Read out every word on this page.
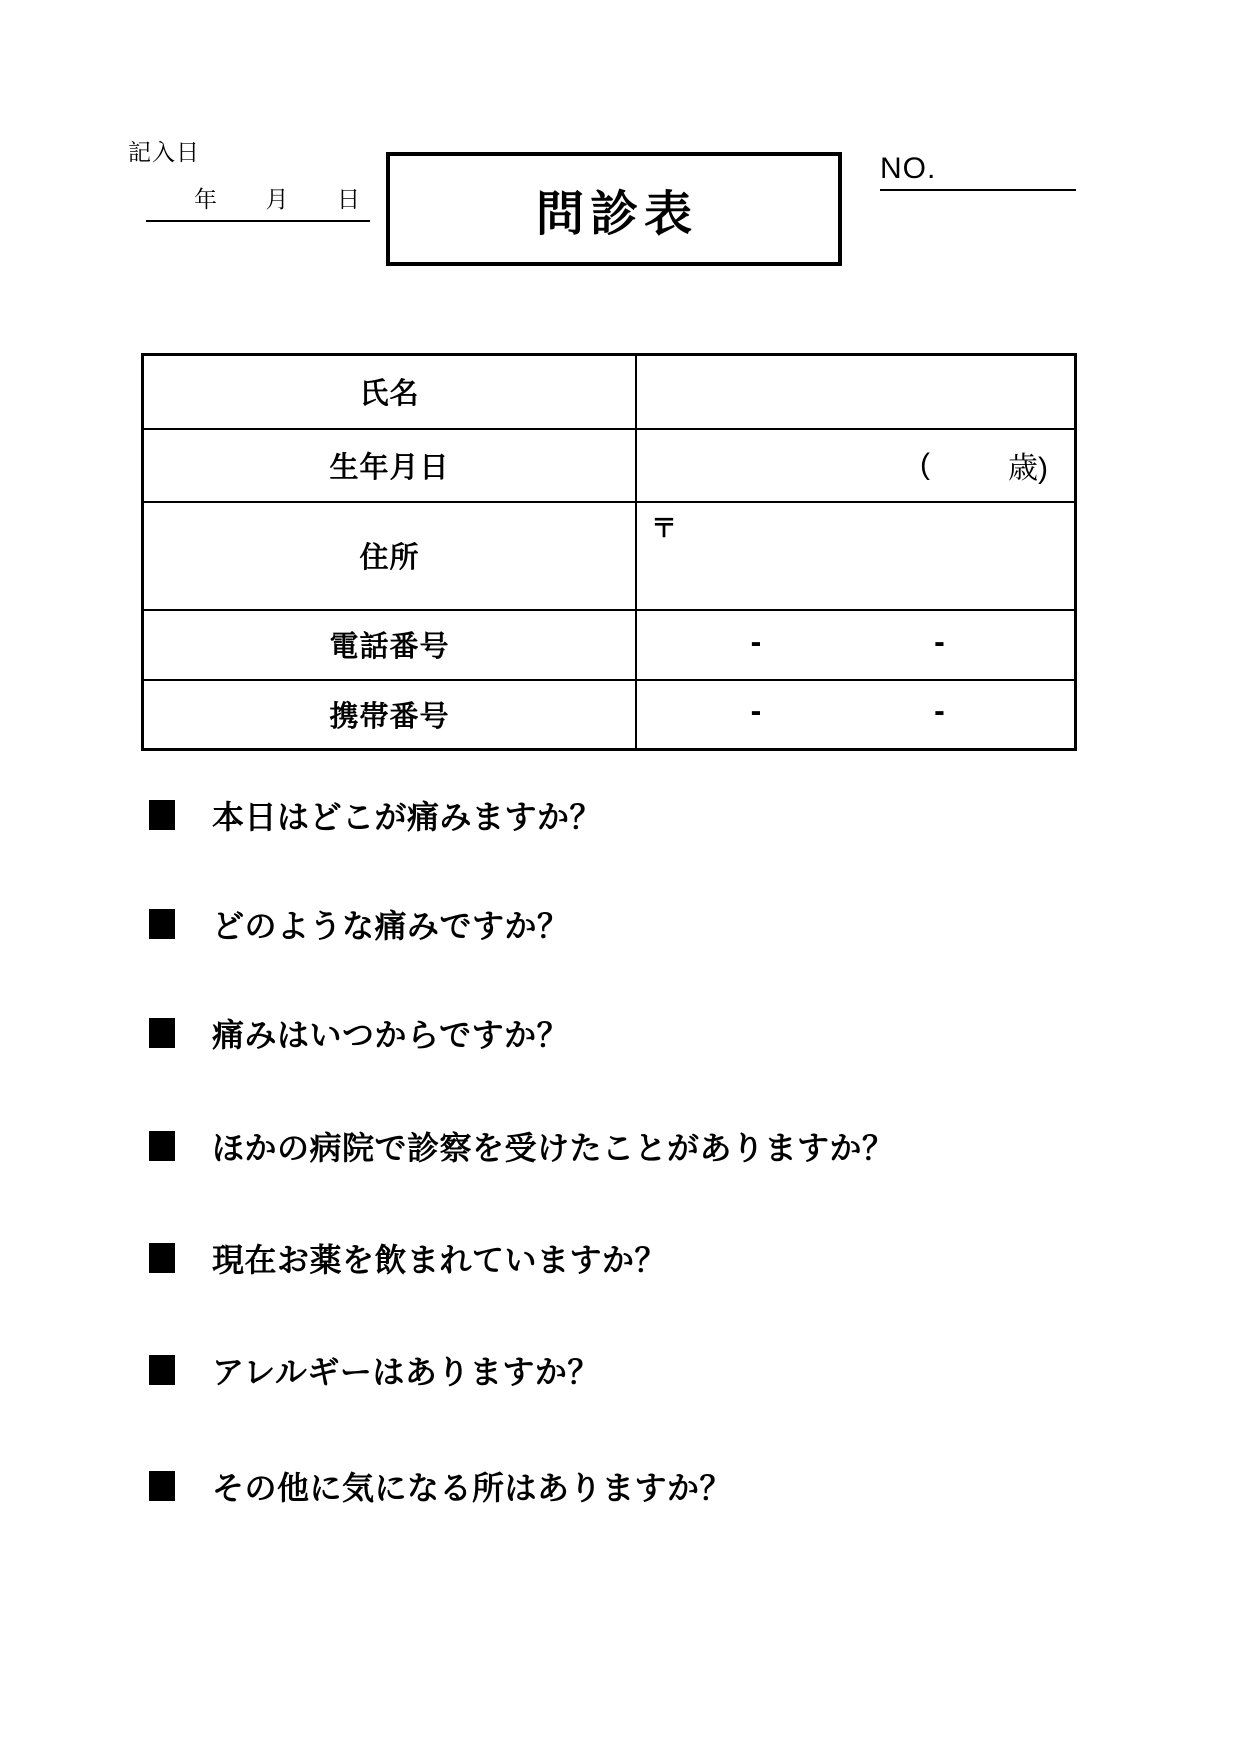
記入日
年 月 日	問診表
NO.
氏名	
生年月日	( 歳)

住所	〒

電話番号	- -

携帯番号	- -
本日はどこが痛みますか？
どのような痛みですか？
痛みはいつからですか？
ほかの病院で診察を受けたことがありますか？
現在お薬を飲まれていますか？
アレルギーはありますか？
その他に気になる所はありますか？
